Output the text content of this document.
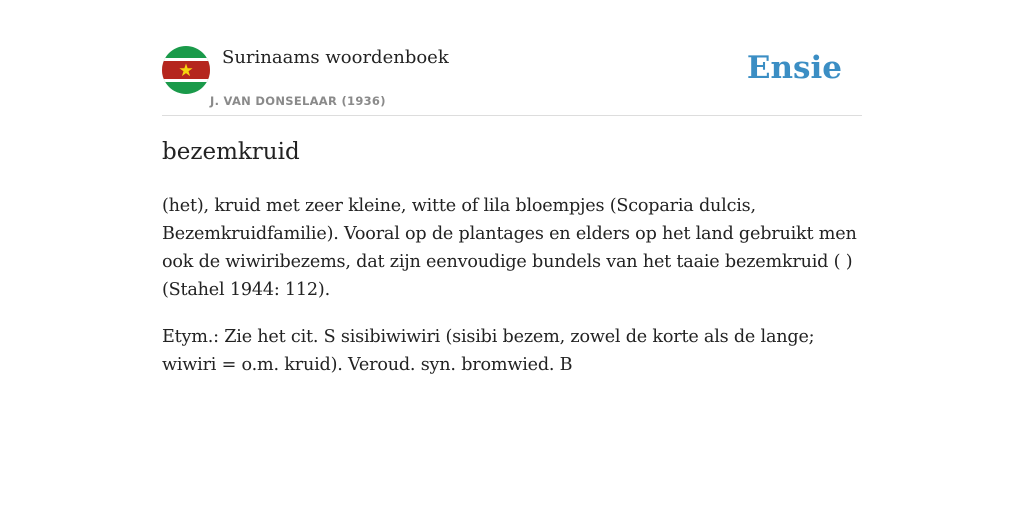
Surinaams woordenboek
J. VAN DONSELAAR (1936)
Ensie
bezemkruid

(het), kruid met zeer kleine, witte of lila bloempjes (Scoparia dulcis, Bezemkruidfamilie). Vooral op de plantages en elders op het land gebruikt men ook de wiwiribezems, dat zijn eenvoudige bundels van het taaie bezemkruid ( ) (Stahel 1944: 112).

Etym.: Zie het cit. S sisibiwiwiri (sisibi bezem, zowel de korte als de lange; wiwiri = o.m. kruid). Veroud. syn. bromwied. B
